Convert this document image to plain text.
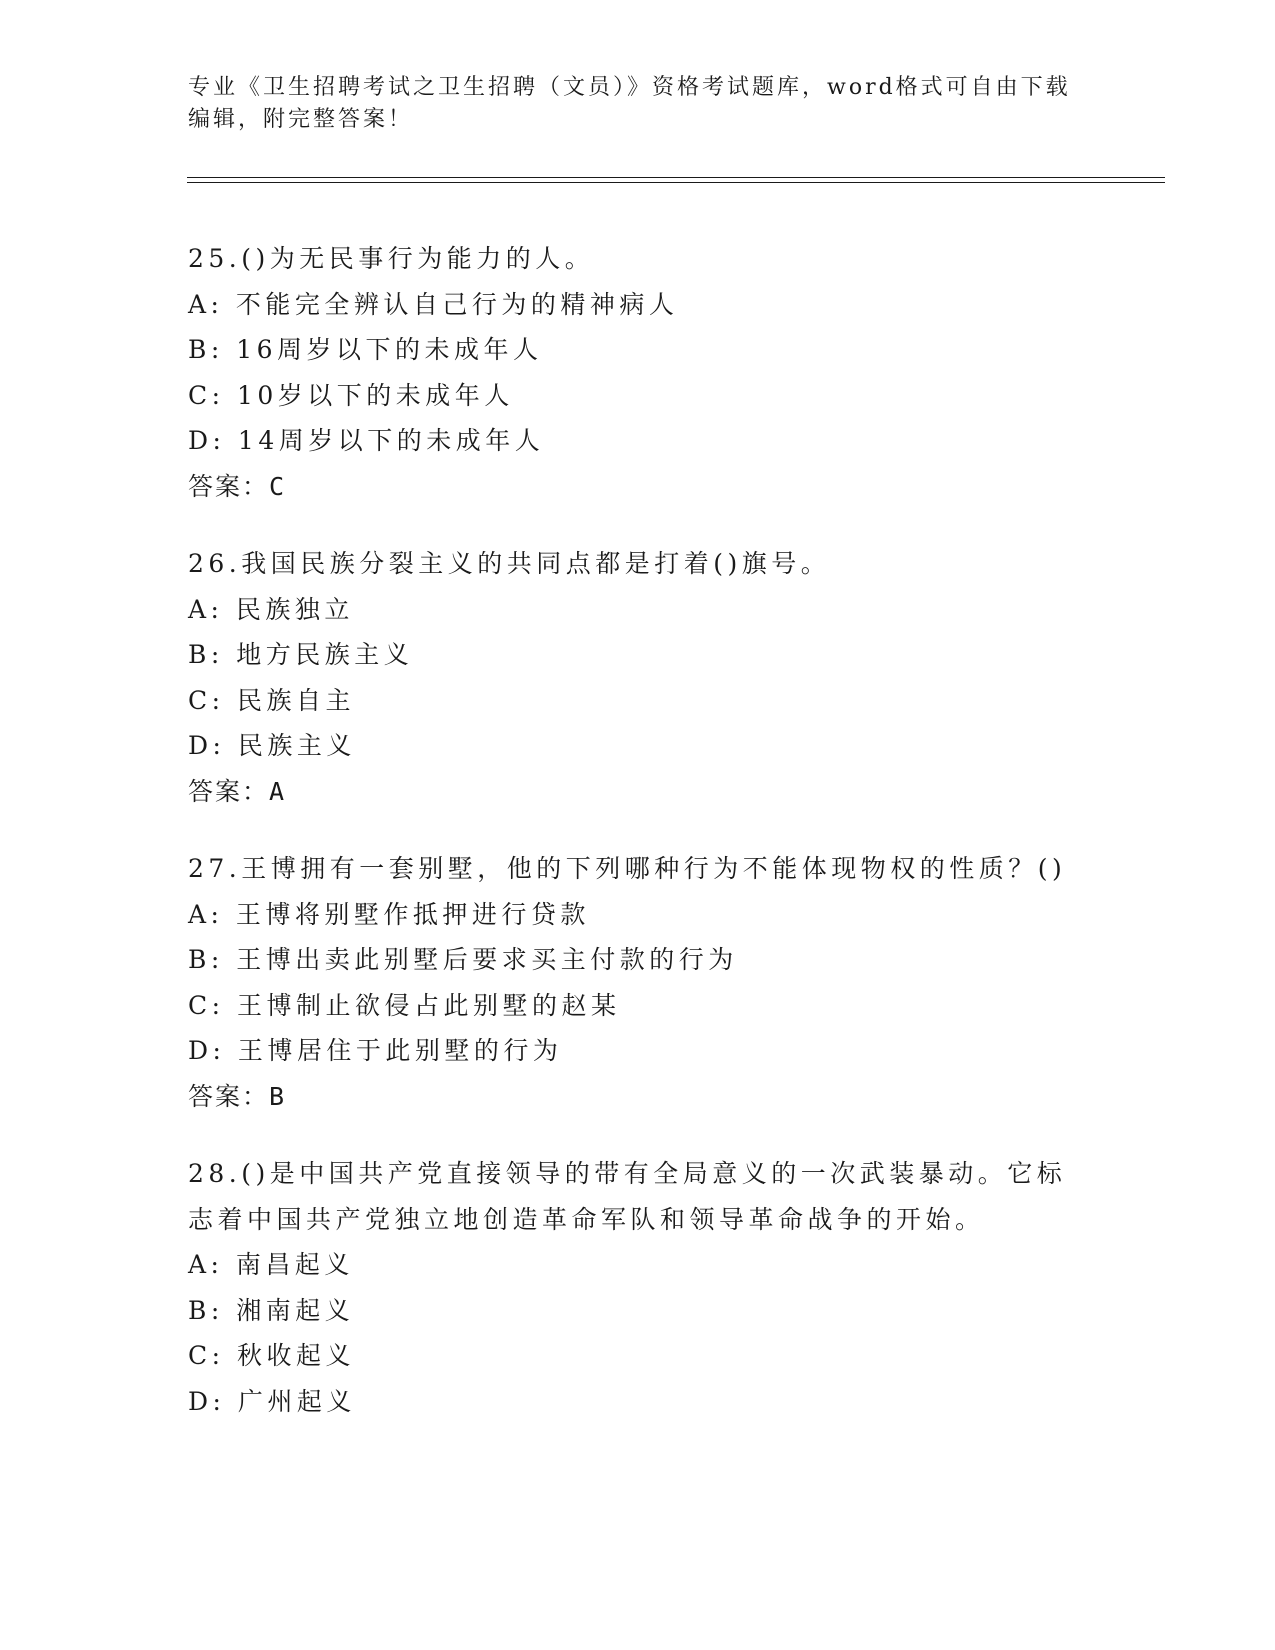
专业《卫生招聘考试之卫生招聘（文员）》资格考试题库，word格式可自由下载编辑，附完整答案！
25.()为无民事行为能力的人。
A: 不能完全辨认自己行为的精神病人
B: 16周岁以下的未成年人
C: 10岁以下的未成年人
D: 14周岁以下的未成年人
答案：C
26.我国民族分裂主义的共同点都是打着()旗号。
A: 民族独立
B: 地方民族主义
C: 民族自主
D: 民族主义
答案：A
27.王博拥有一套别墅，他的下列哪种行为不能体现物权的性质？()
A: 王博将别墅作抵押进行贷款
B: 王博出卖此别墅后要求买主付款的行为
C: 王博制止欲侵占此别墅的赵某
D: 王博居住于此别墅的行为
答案：B
28.()是中国共产党直接领导的带有全局意义的一次武装暴动。它标志着中国共产党独立地创造革命军队和领导革命战争的开始。
A: 南昌起义
B: 湘南起义
C: 秋收起义
D: 广州起义
